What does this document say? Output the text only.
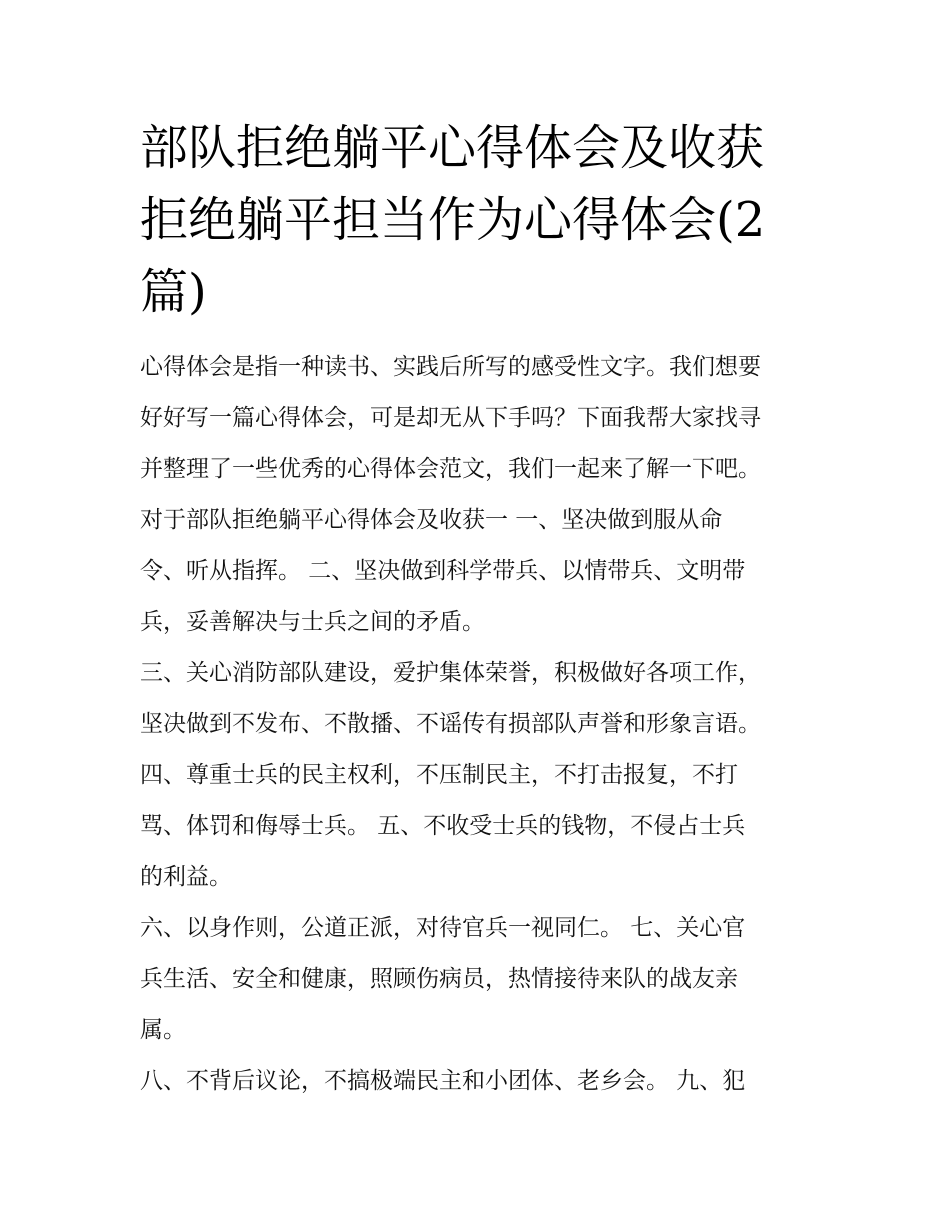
部队拒绝躺平心得体会及收获
拒绝躺平担当作为心得体会(2
篇)
心得体会是指一种读书、实践后所写的感受性文字。我们想要
好好写一篇心得体会，可是却无从下手吗？下面我帮大家找寻
并整理了一些优秀的心得体会范文，我们一起来了解一下吧。
对于部队拒绝躺平心得体会及收获一 一、坚决做到服从命
令、听从指挥。 二、坚决做到科学带兵、以情带兵、文明带
兵，妥善解决与士兵之间的矛盾。
三、关心消防部队建设，爱护集体荣誉，积极做好各项工作，
坚决做到不发布、不散播、不谣传有损部队声誉和形象言语。
四、尊重士兵的民主权利，不压制民主，不打击报复，不打
骂、体罚和侮辱士兵。 五、不收受士兵的钱物，不侵占士兵
的利益。
六、以身作则，公道正派，对待官兵一视同仁。 七、关心官
兵生活、安全和健康，照顾伤病员，热情接待来队的战友亲
属。
八、不背后议论，不搞极端民主和小团体、老乡会。 九、犯
